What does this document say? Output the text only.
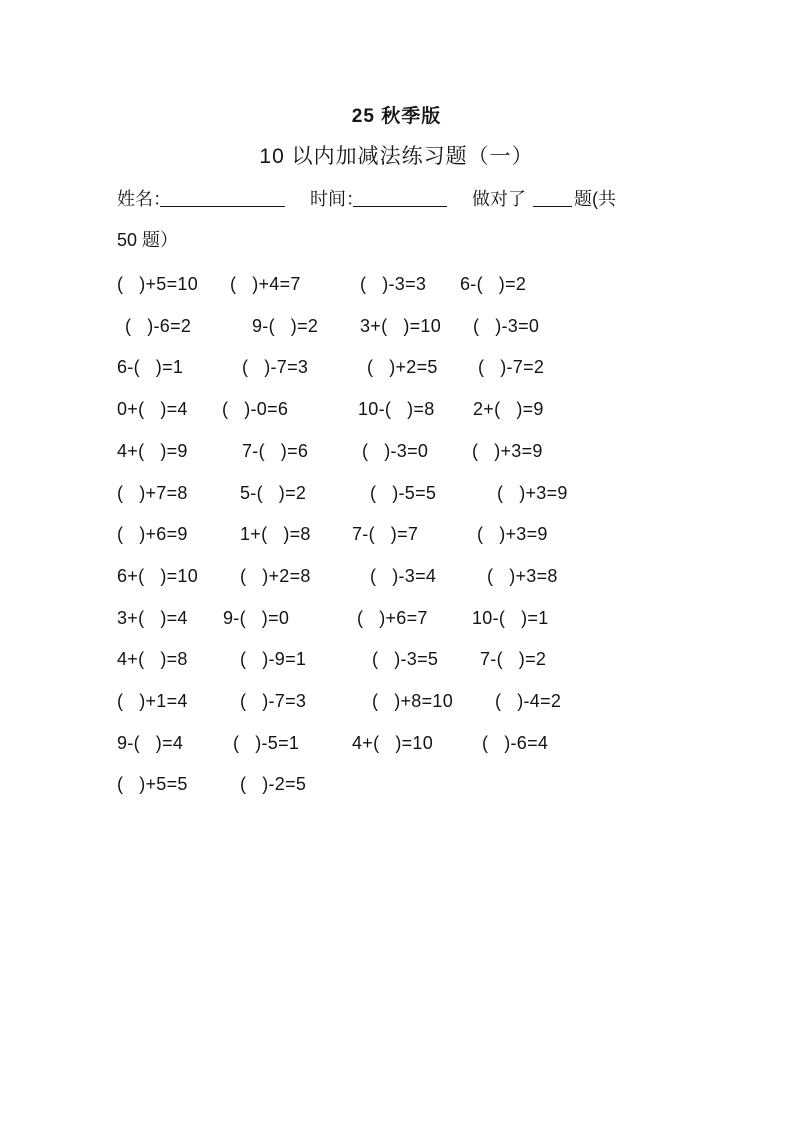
25 秋季版
10 以内加减法练习题（一）
姓名：	时间：	做对了	题(共
50 题）
(   )+5=10 (   )+4=7	(   )-3=3 6-(   )=2
(   )-6=2	9-(   )=2 3+(   )=10 (   )-3=0
6-(   )=1	(   )-7=3	(   )+2=5 (   )-7=2
0+(   )=4 (   )-0=6	10-(   )=8 2+(   )=9
4+(   )=9	7-(   )=6	(   )-3=0 (   )+3=9
(   )+7=8	5-(   )=2	(   )-5=5	(   )+3=9
(   )+6=9	1+(   )=8 7-(   )=7	(   )+3=9
6+(   )=10 (   )+2=8	(   )-3=4	(   )+3=8
3+(   )=4 9-(   )=0	(   )+6=7 10-(   )=1
4+(   )=8	(   )-9=1	(   )-3=5 7-(   )=2
(   )+1=4	(   )-7=3	(   )+8=10 (   )-4=2
9-(   )=4	(   )-5=1	4+(   )=10	(   )-6=4
(   )+5=5	(   )-2=5
